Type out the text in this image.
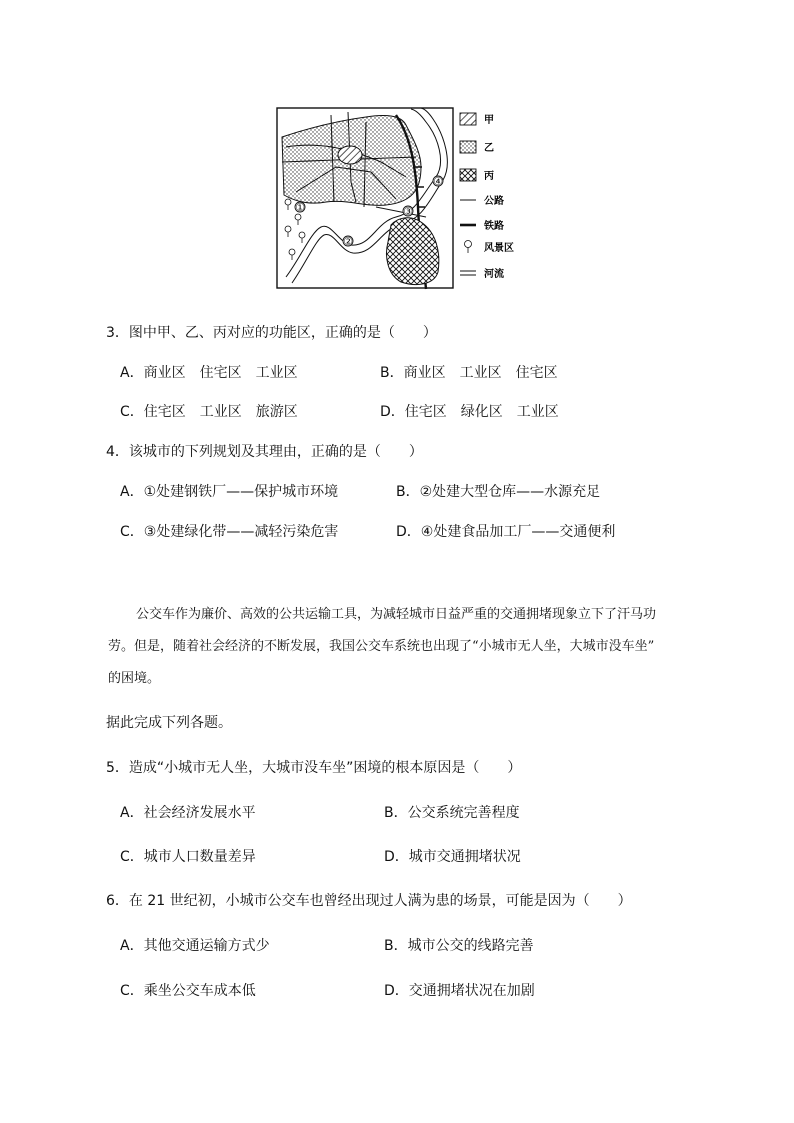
①
②
③
④
甲
乙
丙
公路
铁路
风景区
河流
3．图中甲、乙、丙对应的功能区，正确的是（　　）
A．商业区　住宅区　工业区	B．商业区　工业区　住宅区
C．住宅区　工业区　旅游区	D．住宅区　绿化区　工业区
4．该城市的下列规划及其理由，正确的是（　　）
A．①处建钢铁厂——保护城市环境	B．②处建大型仓库——水源充足
C．③处建绿化带——减轻污染危害	D．④处建食品加工厂——交通便利
公交车作为廉价、高效的公共运输工具，为减轻城市日益严重的交通拥堵现象立下了汗马功
劳。但是，随着社会经济的不断发展，我国公交车系统也出现了“小城市无人坐，大城市没车坐”
的困境。
据此完成下列各题。
5．造成“小城市无人坐，大城市没车坐”困境的根本原因是（　　）
A．社会经济发展水平	B．公交系统完善程度
C．城市人口数量差异	D．城市交通拥堵状况
6．在 21 世纪初，小城市公交车也曾经出现过人满为患的场景，可能是因为（　　）
A．其他交通运输方式少	B．城市公交的线路完善
C．乘坐公交车成本低	D．交通拥堵状况在加剧
